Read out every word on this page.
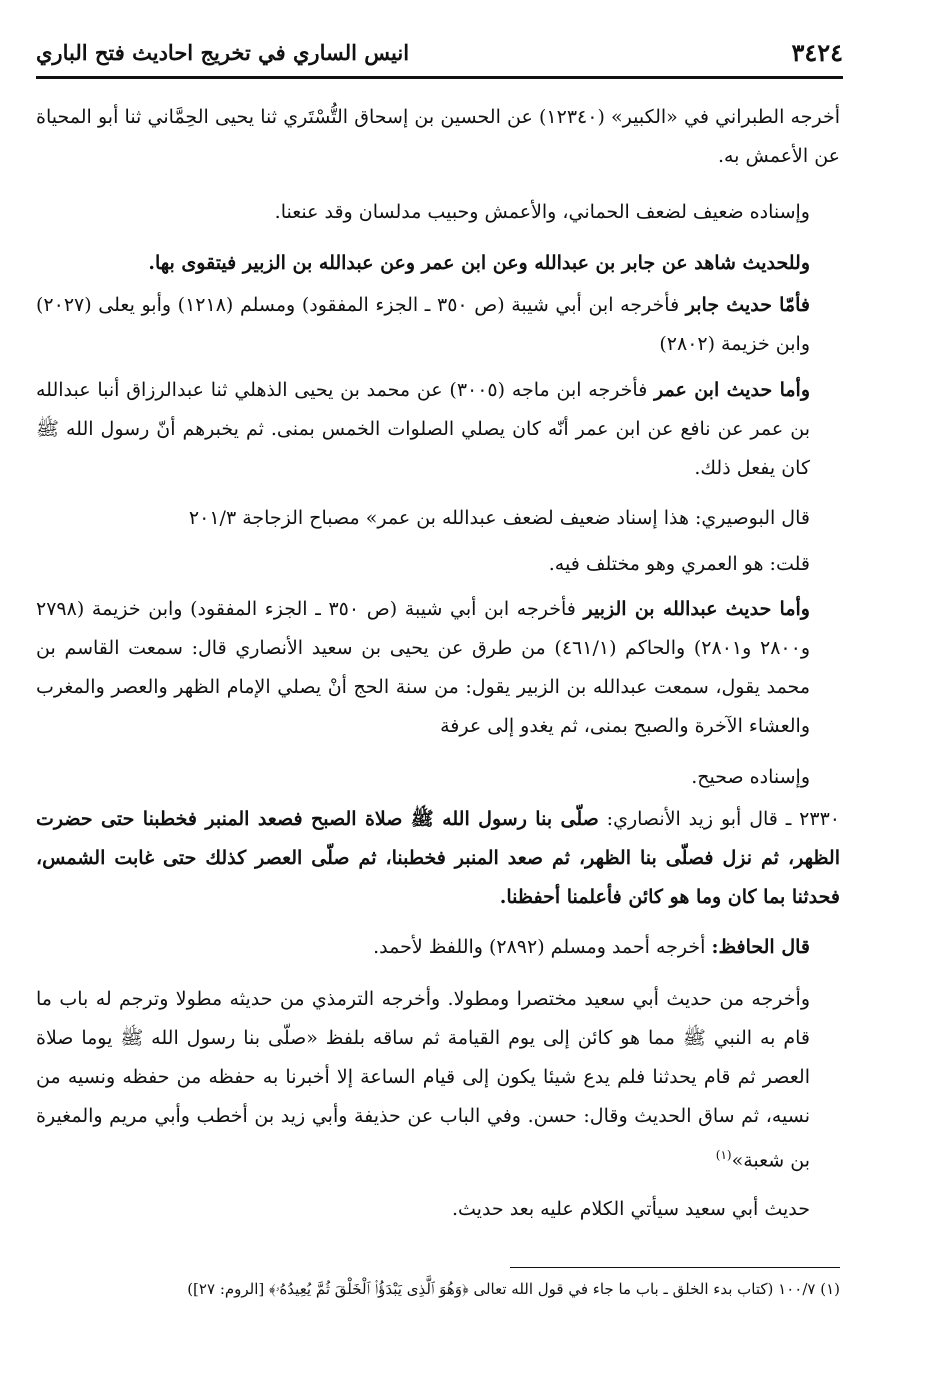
٣٤٢٤
انيس الساري في تخريج احاديث فتح الباري

أخرجه الطبراني في «الكبير» (١٢٣٤٠) عن الحسين بن إسحاق التُّسْتَري ثنا يحيى الحِمَّاني ثنا أبو المحياة عن الأعمش به.

وإسناده ضعيف لضعف الحماني، والأعمش وحبيب مدلسان وقد عنعنا.

وللحديث شاهد عن جابر بن عبدالله وعن ابن عمر وعن عبدالله بن الزبير فيتقوى بها.

فأمّا حديث جابر فأخرجه ابن أبي شيبة (ص ٣٥٠ ـ الجزء المفقود) ومسلم (١٢١٨) وأبو يعلى (٢٠٢٧) وابن خزيمة (٢٨٠٢)

وأما حديث ابن عمر فأخرجه ابن ماجه (٣٠٠٥) عن محمد بن يحيى الذهلي ثنا عبدالرزاق أنبا عبدالله بن عمر عن نافع عن ابن عمر أنّه كان يصلي الصلوات الخمس بمنى. ثم يخبرهم أنّ رسول الله ﷺ كان يفعل ذلك.

قال البوصيري: هذا إسناد ضعيف لضعف عبدالله بن عمر» مصباح الزجاجة ٢٠١/٣

قلت: هو العمري وهو مختلف فيه.

وأما حديث عبدالله بن الزبير فأخرجه ابن أبي شيبة (ص ٣٥٠ ـ الجزء المفقود) وابن خزيمة (٢٧٩٨ و٢٨٠٠ و٢٨٠١) والحاكم (٤٦١/١) من طرق عن يحيى بن سعيد الأنصاري قال: سمعت القاسم بن محمد يقول، سمعت عبدالله بن الزبير يقول: من سنة الحج أنْ يصلي الإمام الظهر والعصر والمغرب والعشاء الآخرة والصبح بمنى، ثم يغدو إلى عرفة

وإسناده صحيح.

٢٣٣٠ ـ قال أبو زيد الأنصاري: صلّى بنا رسول الله ﷺ صلاة الصبح فصعد المنبر فخطبنا حتى حضرت الظهر، ثم نزل فصلّى بنا الظهر، ثم صعد المنبر فخطبنا، ثم صلّى العصر كذلك حتى غابت الشمس، فحدثنا بما كان وما هو كائن فأعلمنا أحفظنا.

قال الحافظ: أخرجه أحمد ومسلم (٢٨٩٢) واللفظ لأحمد.

وأخرجه من حديث أبي سعيد مختصرا ومطولا. وأخرجه الترمذي من حديثه مطولا وترجم له باب ما قام به النبي ﷺ مما هو كائن إلى يوم القيامة ثم ساقه بلفظ «صلّى بنا رسول الله ﷺ يوما صلاة العصر ثم قام يحدثنا فلم يدع شيئا يكون إلى قيام الساعة إلا أخبرنا به حفظه من حفظه ونسيه من نسيه، ثم ساق الحديث وقال: حسن. وفي الباب عن حذيفة وأبي زيد بن أخطب وأبي مريم والمغيرة بن شعبة»$^{(١)}$

حديث أبي سعيد سيأتي الكلام عليه بعد حديث.

(١) ١٠٠/٧ (كتاب بدء الخلق ـ باب ما جاء في قول الله تعالى ﴿وَهُوَ ٱلَّذِى يَبْدَؤُا۟ ٱلْخَلْقَ ثُمَّ يُعِيدُهُۥ﴾ [الروم: ٢٧])
